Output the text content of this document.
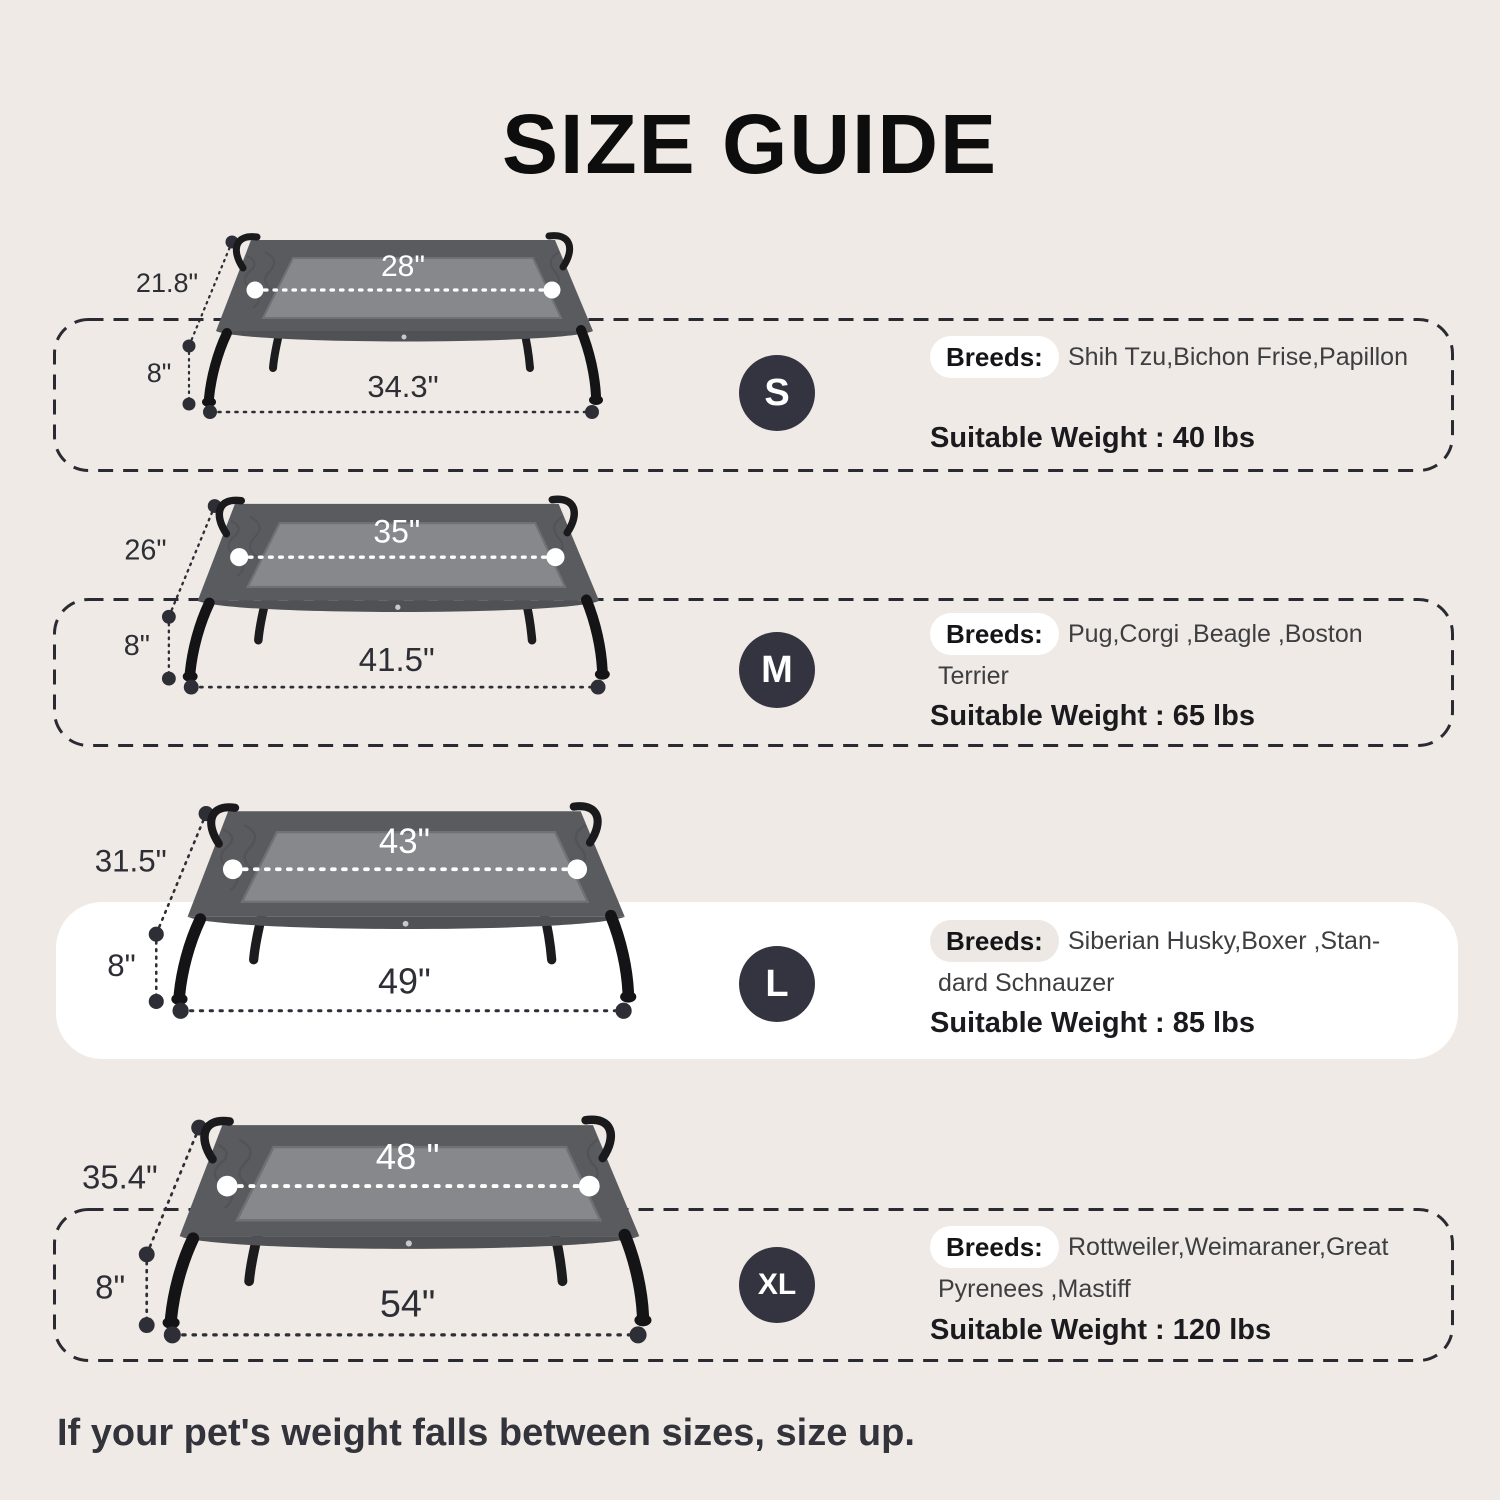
SIZE GUIDE
21.8"
8"
28"
34.3"
26"
8"
35"
41.5"
31.5"
8"
43"
49"
35.4"
8"
48 "
54"
S
Breeds:	Shih Tzu,Bichon Frise,Papillon
Suitable Weight : 40 lbs
M
Breeds:	Pug,Corgi ,Beagle ,Boston
Terrier
Suitable Weight : 65 lbs
L
Breeds:	Siberian Husky,Boxer ,Stan-
dard Schnauzer
Suitable Weight : 85 lbs
XL
Breeds:	Rottweiler,Weimaraner,Great
Pyrenees ,Mastiff
Suitable Weight : 120 lbs
If your pet's weight falls between sizes, size up.
